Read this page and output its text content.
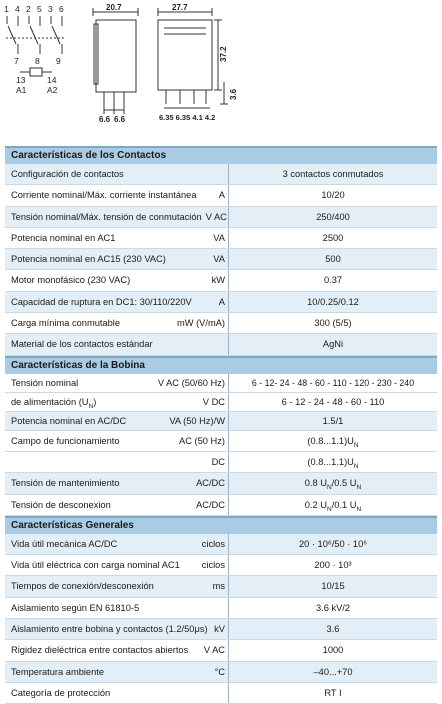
1 4 2 5 3 6
7 8 9
13	14
A1 A2
20.7
6.6 6.6
27.7
37.2
3.6
6.35 6.35 4.1 4.2
Características de los Contactos
Configuración de contactos	3 contactos conmutados
Corriente nominal/Máx. corriente instantánea	A	10/20
Tensión nominal/Máx. tensión de conmutación V AC	250/400
Potencia nominal en AC1	VA	2500
Potencia nominal en AC15 (230 VAC)	VA	500
Motor monofásico (230 VAC)	kW	0.37
Capacidad de ruptura en DC1: 30/110/220V	A	10/0.25/0.12
Carga mínima conmutable	mW (V/mA)	300 (5/5)
Material de los contactos estándar	AgNi
Características de la Bobina
Tensión nominal	V AC (50/60 Hz)	6 - 12- 24 - 48 - 60 - 110 - 120 - 230 - 240
de alimentación $(U_N)$	V DC	6 - 12 - 24 - 48 - 60 - 110
Potencia nominal en AC/DC	VA (50 Hz)/W	1.5/1
Campo de funcionamiento	AC (50 Hz)	$(0.8...1.1)U_N$
DC	$(0.8...1.1)U_N$
Tensión de mantenimiento	AC/DC	0.8 $U_N/0.5$ $U_N$
Tensión de desconexion	AC/DC	0.2 $U_N/0.1$ $U_N$
Características Generales
Vida útil mecánica AC/DC	ciclos	20 · 10⁶/50 · 10⁶
Vida útil eléctrica con carga nominal AC1	ciclos	200 · 10³
Tiempos de conexión/desconexión	ms	10/15
Aislamiento según EN 61810-5	3.6 kV/2
Aislamiento entre bobina y contactos (1.2/50μs) kV	3.6
Rigidez dieléctrica entre contactos abiertos	V AC	1000
Temperatura ambiente	°C	–40...+70
Categoría de protección	RT I
